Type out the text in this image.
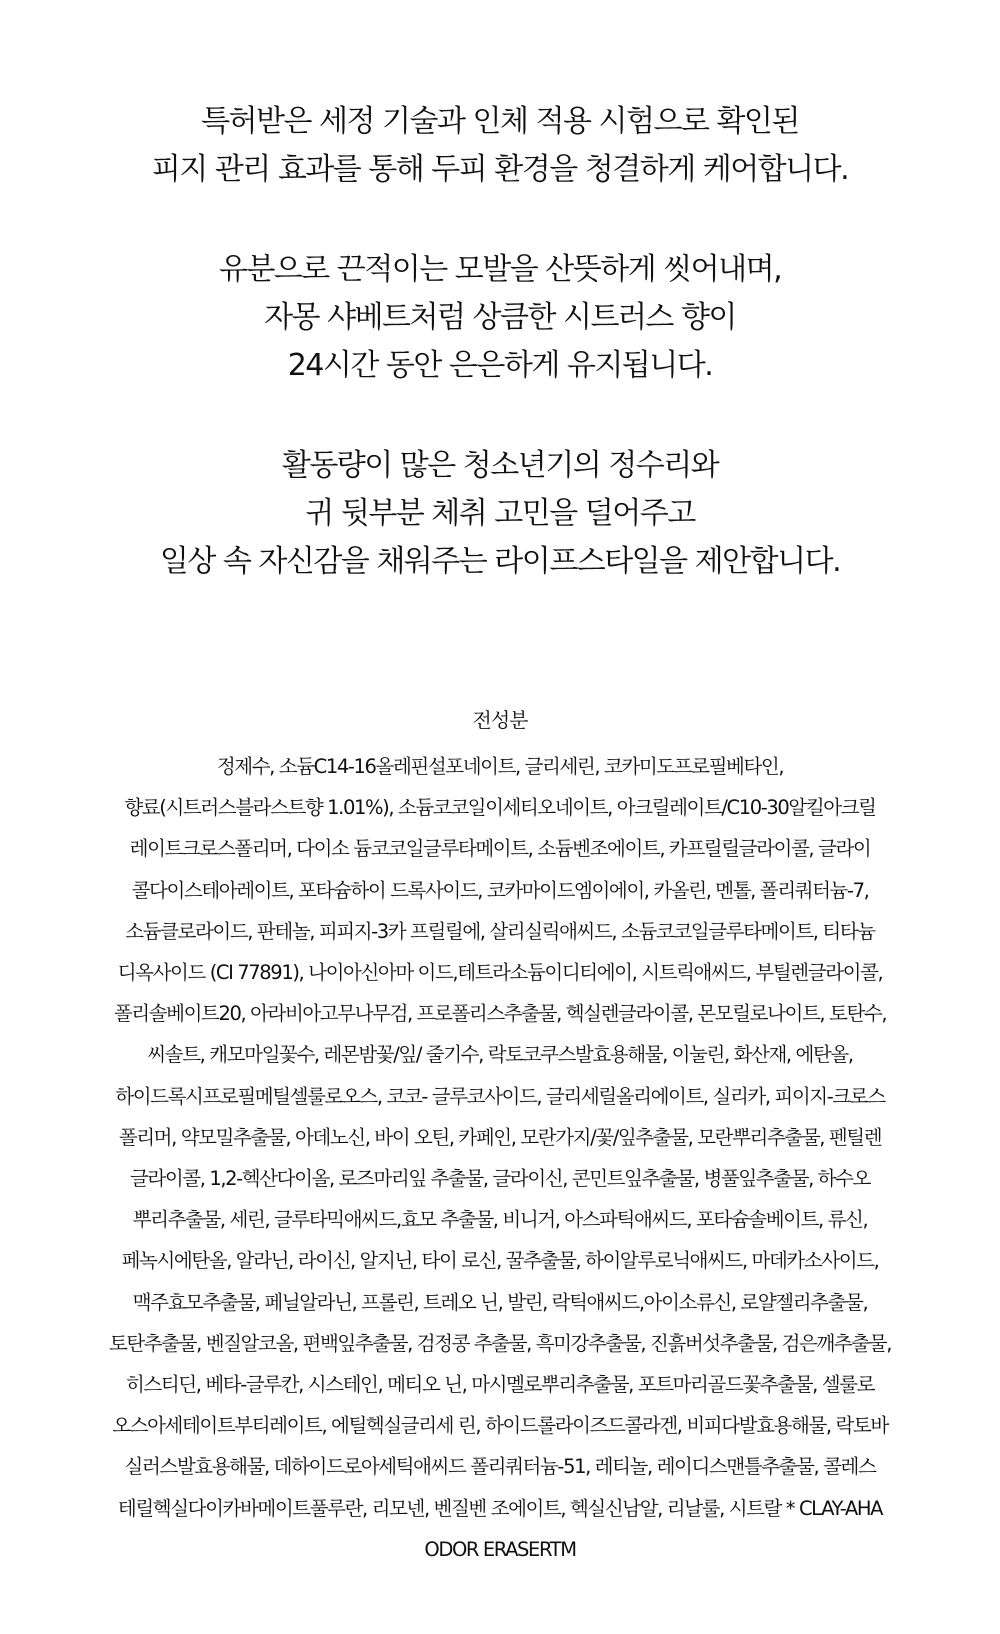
특허받은 세정 기술과 인체 적용 시험으로 확인된
피지 관리 효과를 통해 두피 환경을 청결하게 케어합니다.

유분으로 끈적이는 모발을 산뜻하게 씻어내며,
자몽 샤베트처럼 상큼한 시트러스 향이
24시간 동안 은은하게 유지됩니다.

활동량이 많은 청소년기의 정수리와
귀 뒷부분 체취 고민을 덜어주고
일상 속 자신감을 채워주는 라이프스타일을 제안합니다.

전성분
정제수, 소듐C14-16올레핀설포네이트, 글리세린, 코카미도프로필베타인,
향료(시트러스블라스트향 1.01%), 소듐코코일이세티오네이트, 아크릴레이트/C10-30알킬아크릴
레이트크로스폴리머, 다이소 듐코코일글루타메이트, 소듐벤조에이트, 카프릴릴글라이콜, 글라이
콜다이스테아레이트, 포타슘하이 드록사이드, 코카마이드엠이에이, 카올린, 멘톨, 폴리쿼터늄-7,
소듐클로라이드, 판테놀, 피피지-3카 프릴릴에, 살리실릭애씨드, 소듐코코일글루타메이트, 티타늄
디옥사이드 (CI 77891), 나이아신아마 이드,테트라소듐이디티에이, 시트릭애씨드, 부틸렌글라이콜,
폴리솔베이트20, 아라비아고무나무검, 프로폴리스추출물, 헥실렌글라이콜, 몬모릴로나이트, 토탄수,
씨솔트, 캐모마일꽃수, 레몬밤꽃/잎/ 줄기수, 락토코쿠스발효용해물, 이눌린, 화산재, 에탄올,
하이드록시프로필메틸셀룰로오스, 코코- 글루코사이드, 글리세릴올리에이트, 실리카, 피이지-크로스
폴리머, 약모밀추출물, 아데노신, 바이 오틴, 카페인, 모란가지/꽃/잎추출물, 모란뿌리추출물, 펜틸렌
글라이콜, 1,2-헥산다이올, 로즈마리잎 추출물, 글라이신, 콘민트잎추출물, 병풀잎추출물, 하수오
뿌리추출물, 세린, 글루타믹애씨드,효모 추출물, 비니거, 아스파틱애씨드, 포타슘솔베이트, 류신,
페녹시에탄올, 알라닌, 라이신, 알지닌, 타이 로신, 꿀추출물, 하이알루로닉애씨드, 마데카소사이드,
맥주효모추출물, 페닐알라닌, 프롤린, 트레오 닌, 발린, 락틱애씨드,아이소류신, 로얄젤리추출물,
토탄추출물, 벤질알코올, 편백잎추출물, 검정콩 추출물, 흑미강추출물, 진흙버섯추출물, 검은깨추출물,
히스티딘, 베타-글루칸, 시스테인, 메티오 닌, 마시멜로뿌리추출물, 포트마리골드꽃추출물, 셀룰로
오스아세테이트부티레이트, 에틸헥실글리세 린, 하이드롤라이즈드콜라겐, 비피다발효용해물, 락토바
실러스발효용해물, 데하이드로아세틱애씨드 폴리쿼터늄-51, 레티놀, 레이디스맨틀추출물, 콜레스
테릴헥실다이카바메이트풀루란, 리모넨, 벤질벤 조에이트, 헥실신남알, 리날룰, 시트랄 * CLAY-AHA
ODOR ERASERTM
